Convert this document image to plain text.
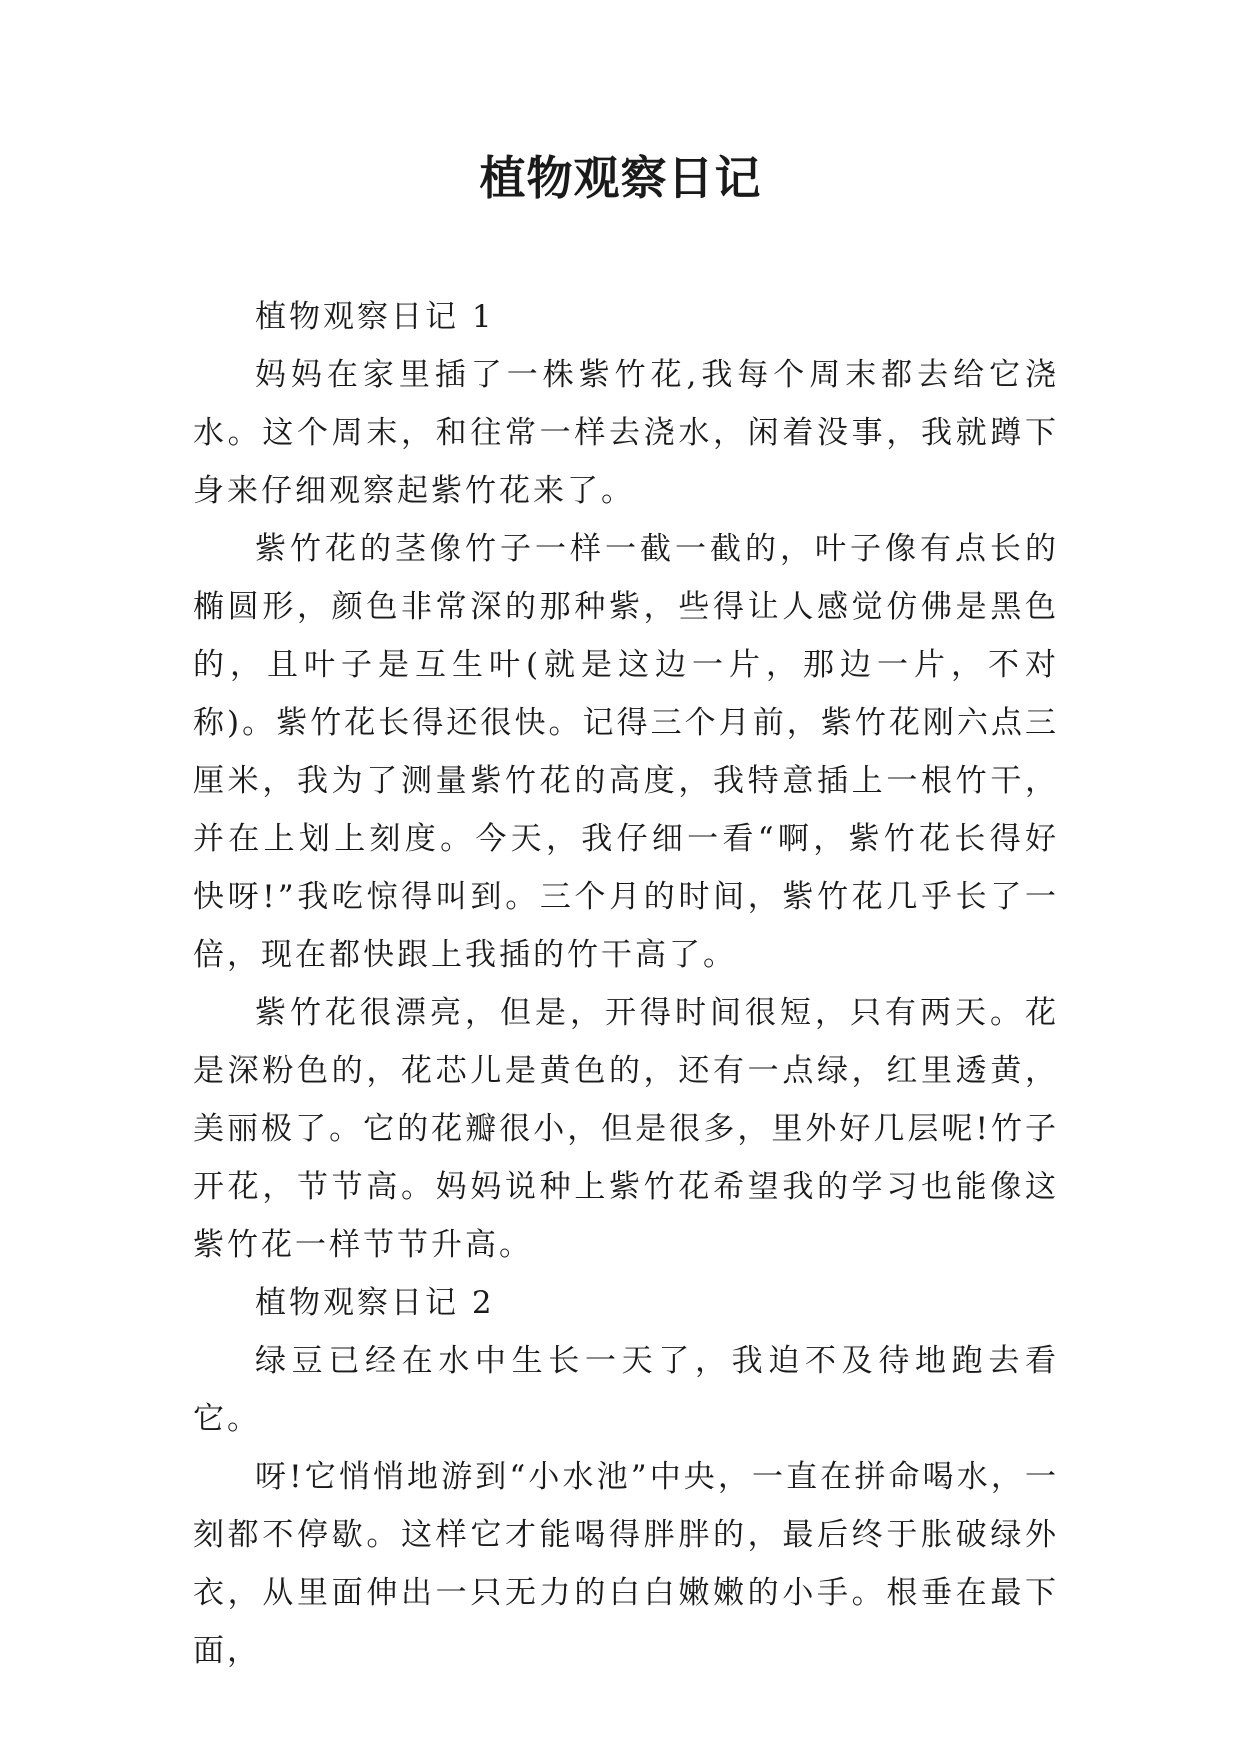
植物观察日记

植物观察日记 1

妈妈在家里插了一株紫竹花,我每个周末都去给它浇水。这个周末，和往常一样去浇水，闲着没事，我就蹲下身来仔细观察起紫竹花来了。

紫竹花的茎像竹子一样一截一截的，叶子像有点长的椭圆形，颜色非常深的那种紫，些得让人感觉仿佛是黑色的，且叶子是互生叶(就是这边一片，那边一片，不对称)。紫竹花长得还很快。记得三个月前，紫竹花刚六点三厘米，我为了测量紫竹花的高度，我特意插上一根竹干，并在上划上刻度。今天，我仔细一看“啊，紫竹花长得好快呀!”我吃惊得叫到。三个月的时间，紫竹花几乎长了一倍，现在都快跟上我插的竹干高了。

紫竹花很漂亮，但是，开得时间很短，只有两天。花是深粉色的，花芯儿是黄色的，还有一点绿，红里透黄，美丽极了。它的花瓣很小，但是很多，里外好几层呢!竹子开花，节节高。妈妈说种上紫竹花希望我的学习也能像这紫竹花一样节节升高。

植物观察日记 2

绿豆已经在水中生长一天了，我迫不及待地跑去看它。

呀!它悄悄地游到“小水池”中央，一直在拼命喝水，一刻都不停歇。这样它才能喝得胖胖的，最后终于胀破绿外衣，从里面伸出一只无力的白白嫩嫩的小手。根垂在最下面，
